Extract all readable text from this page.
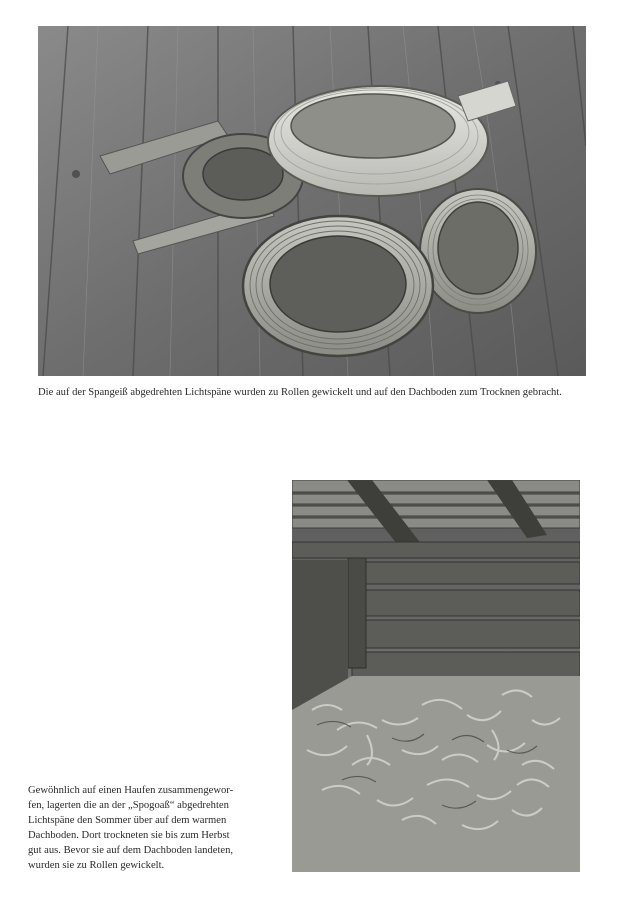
Die auf der Spangeiß abgedrehten Lichtspäne wurden zu Rollen gewickelt und auf den Dachboden zum Trocknen gebracht.

Gewöhnlich auf einen Haufen zusammengewor-
fen, lagerten die an der „Spogoaß“ abgedrehten
Lichtspäne den Sommer über auf dem warmen
Dachboden. Dort trockneten sie bis zum Herbst
gut aus. Bevor sie auf dem Dachboden landeten,
wurden sie zu Rollen gewickelt.
